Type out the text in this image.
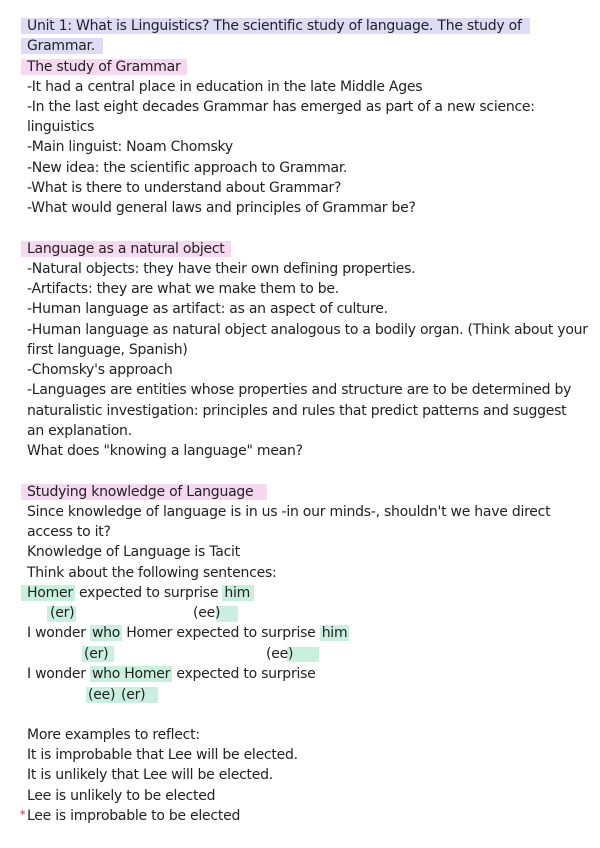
Unit 1: What is Linguistics? The scientific study of language. The study of
Grammar.
The study of Grammar
-It had a central place in education in the late Middle Ages
-In the last eight decades Grammar has emerged as part of a new science:
linguistics
-Main linguist: Noam Chomsky
-New idea: the scientific approach to Grammar.
-What is there to understand about Grammar?
-What would general laws and principles of Grammar be?
Language as a natural object
-Natural objects: they have their own defining properties.
-Artifacts: they are what we make them to be.
-Human language as artifact: as an aspect of culture.
-Human language as natural object analogous to a bodily organ. (Think about your
first language, Spanish)
-Chomsky's approach
-Languages are entities whose properties and structure are to be determined by
naturalistic investigation: principles and rules that predict patterns and suggest
an explanation.
What does "knowing a language" mean?
Studying knowledge of Language
Since knowledge of language is in us -in our minds-, shouldn't we have direct
access to it?
Knowledge of Language is Tacit
Think about the following sentences:
Homer expected to surprise him
(er)	(ee)
I wonder who Homer expected to surprise him
(er)	(ee)
I wonder who Homer expected to surprise
(ee) (er)
More examples to reflect:
It is improbable that Lee will be elected.
It is unlikely that Lee will be elected.
Lee is unlikely to be elected
* Lee is improbable to be elected
